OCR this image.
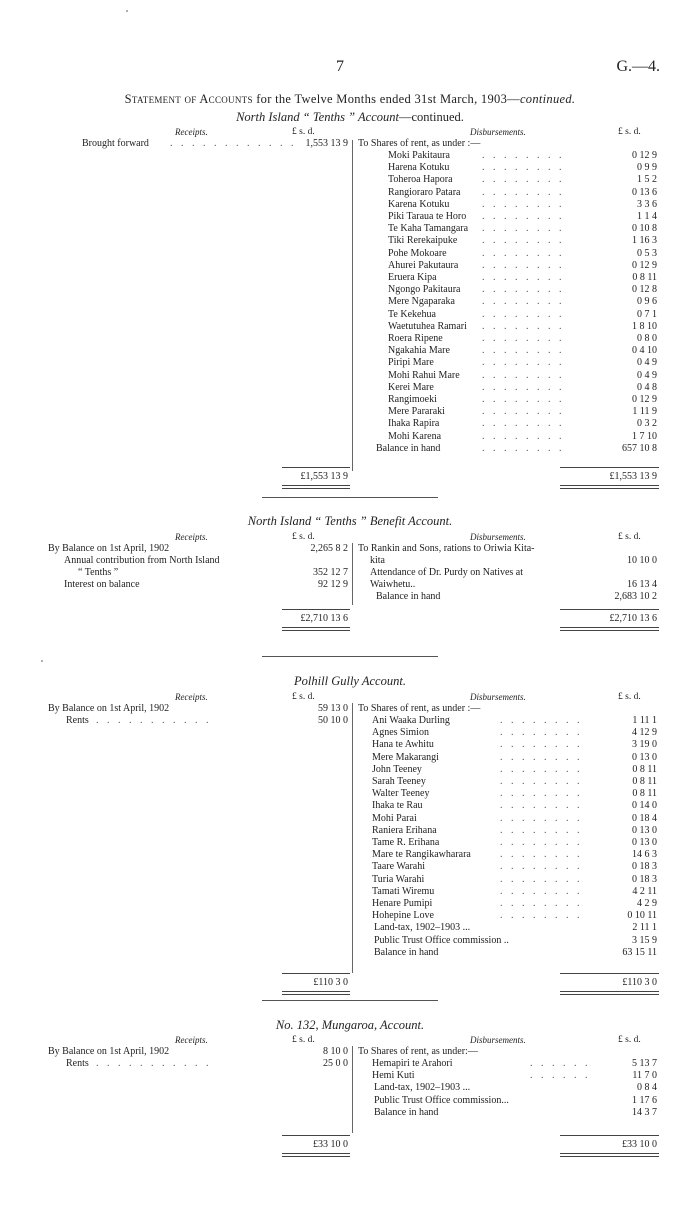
7	G.—4.
Statement of Accounts for the Twelve Months ended 31st March, 1903—continued.
North Island “ Tenths ” Account—continued.
Receipts.	£ s. d.	Disbursements.	£ s. d.
Brought forward . . . . . . . . . . . . 1,553 13 9 To Shares of rent, as under :—
Moki Pakitaura	. . . . . . . .	0 12 9
Harena Kotuku	. . . . . . . .	0 9 9
Toheroa Hapora	. . . . . . . .	1 5 2
Rangioraro Patara . . . . . . . .	0 13 6
Karena Kotuku	. . . . . . . .	3 3 6
Piki Taraua te Horo . . . . . . . .	1 1 4
Te Kaha Tamangara . . . . . . . .	0 10 8
Tiki Rerekaipuke . . . . . . . .	1 16 3
Pohe Mokoare	. . . . . . . .	0 5 3
Ahurei Pakutaura . . . . . . . .	0 12 9
Eruera Kipa	. . . . . . . .	0 8 11
Ngongo Pakitaura . . . . . . . .	0 12 8
Mere Ngaparaka	. . . . . . . .	0 9 6
Te Kekehua	. . . . . . . .	0 7 1
Waetutuhea Ramari . . . . . . . .	1 8 10
Roera Ripene	. . . . . . . .	0 8 0
Ngakahia Mare	. . . . . . . .	0 4 10
Piripi Mare	. . . . . . . .	0 4 9
Mohi Rahui Mare . . . . . . . .	0 4 9
Kerei Mare	. . . . . . . .	0 4 8
Rangimoeki	. . . . . . . .	0 12 9
Mere Pararaki	. . . . . . . .	1 11 9
Ihaka Rapira	. . . . . . . .	0 3 2
Mohi Karena	. . . . . . . .	1 7 10
Balance in hand	. . . . . . . .	657 10 8
£1,553 13 9	£1,553 13 9
North Island “ Tenths ” Benefit Account.
Receipts.	£ s. d.	Disbursements.	£ s. d.
By Balance on 1st April, 1902	2,265 8 2
Annual contribution from North Island
“ Tenths ”	352 12 7
Interest on balance	92 12 9
To Rankin and Sons, rations to Oriwia Kita-
kita	10 10 0
Attendance of Dr. Purdy on Natives at
Waiwhetu..	16 13 4
Balance in hand	2,683 10 2
£2,710 13 6	£2,710 13 6
Polhill Gully Account.
Receipts.	£ s. d.	Disbursements.	£ s. d.
By Balance on 1st April, 1902	59 13 0
Rents . . . . . . . . . . .	50 10 0
To Shares of rent, as under :—
Ani Waaka Durling	. . . . . . . .	1 11 1
Agnes Simion	. . . . . . . .	4 12 9
Hana te Awhitu	. . . . . . . .	3 19 0
Mere Makarangi	. . . . . . . .	0 13 0
John Teeney	. . . . . . . .	0 8 11
Sarah Teeney	. . . . . . . .	0 8 11
Walter Teeney	. . . . . . . .	0 8 11
Ihaka te Rau	. . . . . . . .	0 14 0
Mohi Parai	. . . . . . . .	0 18 4
Raniera Erihana	. . . . . . . .	0 13 0
Tame R. Erihana	. . . . . . . .	0 13 0
Mare te Rangikawharara	. . . . . . . .	14 6 3
Taare Warahi	. . . . . . . .	0 18 3
Turia Warahi	. . . . . . . .	0 18 3
Tamati Wiremu	. . . . . . . .	4 2 11
Henare Pumipi	. . . . . . . .	4 2 9
Hohepine Love	. . . . . . . .	0 10 11
Land-tax, 1902–1903 ...	2 11 1
Public Trust Office commission ..	3 15 9
Balance in hand	63 15 11
£110 3 0	£110 3 0
No. 132, Mungaroa, Account.
Receipts.	£ s. d.	Disbursements.	£ s. d.
By Balance on 1st April, 1902	8 10 0
Rents . . . . . . . . . . .	25 0 0
To Shares of rent, as under:—
Hemapiri te Arahori	. . . . . .	5 13 7
Hemi Kuti	. . . . . .	11 7 0
Land-tax, 1902–1903 ...	0 8 4
Public Trust Office commission...	1 17 6
Balance in hand	14 3 7
£33 10 0	£33 10 0
